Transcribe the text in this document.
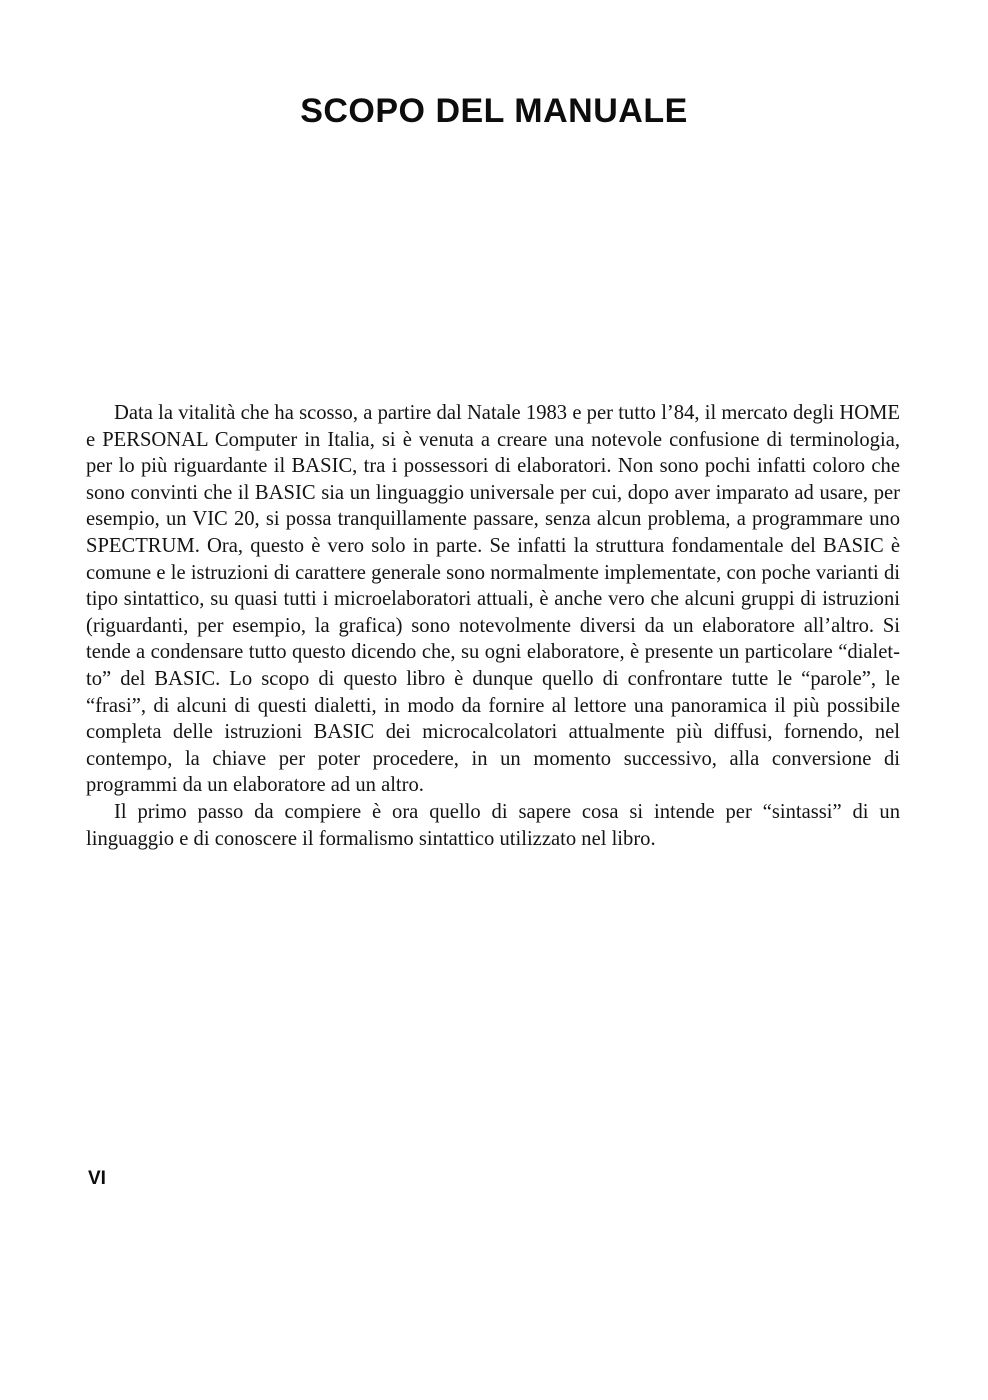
SCOPO DEL MANUALE

Data la vitalità che ha scosso, a partire dal Natale 1983 e per tutto l’84, il mercato degli HOME e PERSONAL Computer in Italia, si è venuta a creare una notevole confusione di terminologia, per lo più riguardante il BASIC, tra i possessori di elaboratori. Non sono pochi infatti coloro che sono convinti che il BASIC sia un linguaggio universale per cui, dopo aver imparato ad usare, per esempio, un VIC 20, si possa tranquillamente passare, senza alcun problema, a programmare uno SPECTRUM. Ora, questo è vero solo in parte. Se infatti la struttura fondamentale del BASIC è comune e le istruzioni di carattere generale sono normalmente implementate, con poche varianti di tipo sintattico, su quasi tutti i microelaboratori attuali, è anche vero che alcuni gruppi di istruzioni (riguardanti, per esempio, la grafica) sono notevolmente diversi da un elaboratore all’altro. Si tende a condensare tutto questo dicendo che, su ogni elaboratore, è presente un particolare “dialetto” del BASIC. Lo scopo di questo libro è dunque quello di confrontare tutte le “parole”, le “frasi”, di alcuni di questi dialetti, in modo da fornire al lettore una panoramica il più possibile completa delle istruzioni BASIC dei microcalcolatori attualmente più diffusi, fornendo, nel contempo, la chiave per poter procedere, in un momento successivo, alla conversione di programmi da un elaboratore ad un altro.

Il primo passo da compiere è ora quello di sapere cosa si intende per “sintassi” di un linguaggio e di conoscere il formalismo sintattico utilizzato nel libro.

VI
